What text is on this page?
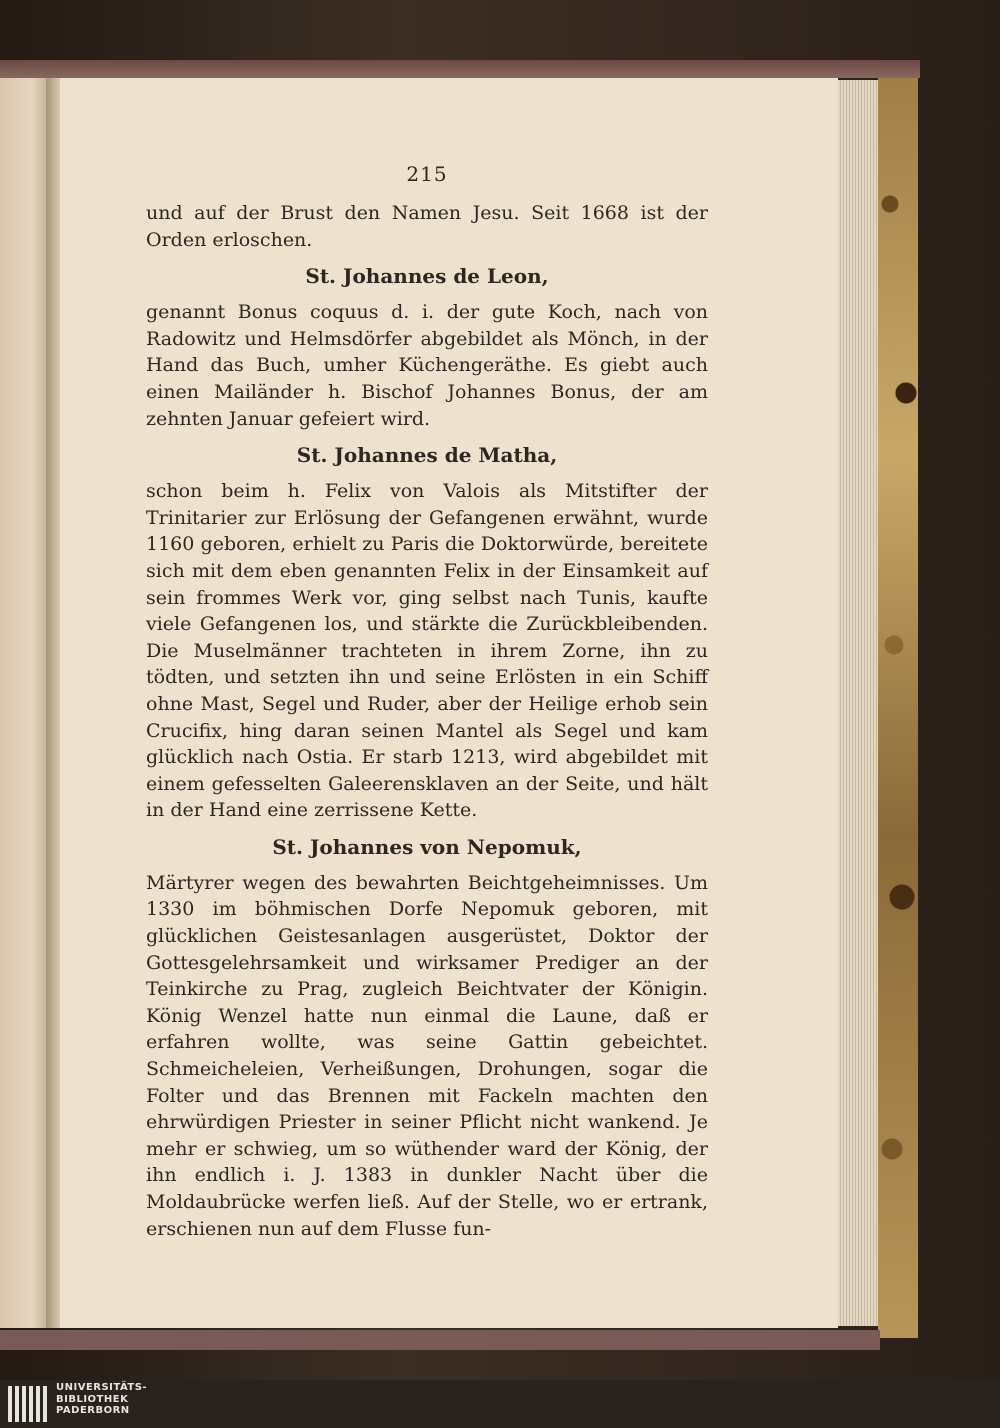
215

und auf der Brust den Namen Jesu. Seit 1668 ist der Orden erloschen.

St. Johannes de Leon,

genannt Bonus coquus d. i. der gute Koch, nach von Radowitz und Helmsdörfer abgebildet als Mönch, in der Hand das Buch, umher Küchengeräthe. Es giebt auch einen Mailänder h. Bischof Johannes Bonus, der am zehnten Januar gefeiert wird.

St. Johannes de Matha,

schon beim h. Felix von Valois als Mitstifter der Trinitarier zur Erlösung der Gefangenen erwähnt, wurde 1160 geboren, erhielt zu Paris die Doktorwürde, bereitete sich mit dem eben genannten Felix in der Einsamkeit auf sein frommes Werk vor, ging selbst nach Tunis, kaufte viele Gefangenen los, und stärkte die Zurückbleibenden. Die Muselmänner trachteten in ihrem Zorne, ihn zu tödten, und setzten ihn und seine Erlösten in ein Schiff ohne Mast, Segel und Ruder, aber der Heilige erhob sein Crucifix, hing daran seinen Mantel als Segel und kam glücklich nach Ostia. Er starb 1213, wird abgebildet mit einem gefesselten Galeerensklaven an der Seite, und hält in der Hand eine zerrissene Kette.

St. Johannes von Nepomuk,

Märtyrer wegen des bewahrten Beichtgeheimnisses. Um 1330 im böhmischen Dorfe Nepomuk geboren, mit glücklichen Geistesanlagen ausgerüstet, Doktor der Gottesgelehrsamkeit und wirksamer Prediger an der Teinkirche zu Prag, zugleich Beichtvater der Königin. König Wenzel hatte nun einmal die Laune, daß er erfahren wollte, was seine Gattin gebeichtet. Schmeicheleien, Verheißungen, Drohungen, sogar die Folter und das Brennen mit Fackeln machten den ehrwürdigen Priester in seiner Pflicht nicht wankend. Je mehr er schwieg, um so wüthender ward der König, der ihn endlich i. J. 1383 in dunkler Nacht über die Moldaubrücke werfen ließ. Auf der Stelle, wo er ertrank, erschienen nun auf dem Flusse fun-

UNIVERSITÄTS-
BIBLIOTHEK
PADERBORN
